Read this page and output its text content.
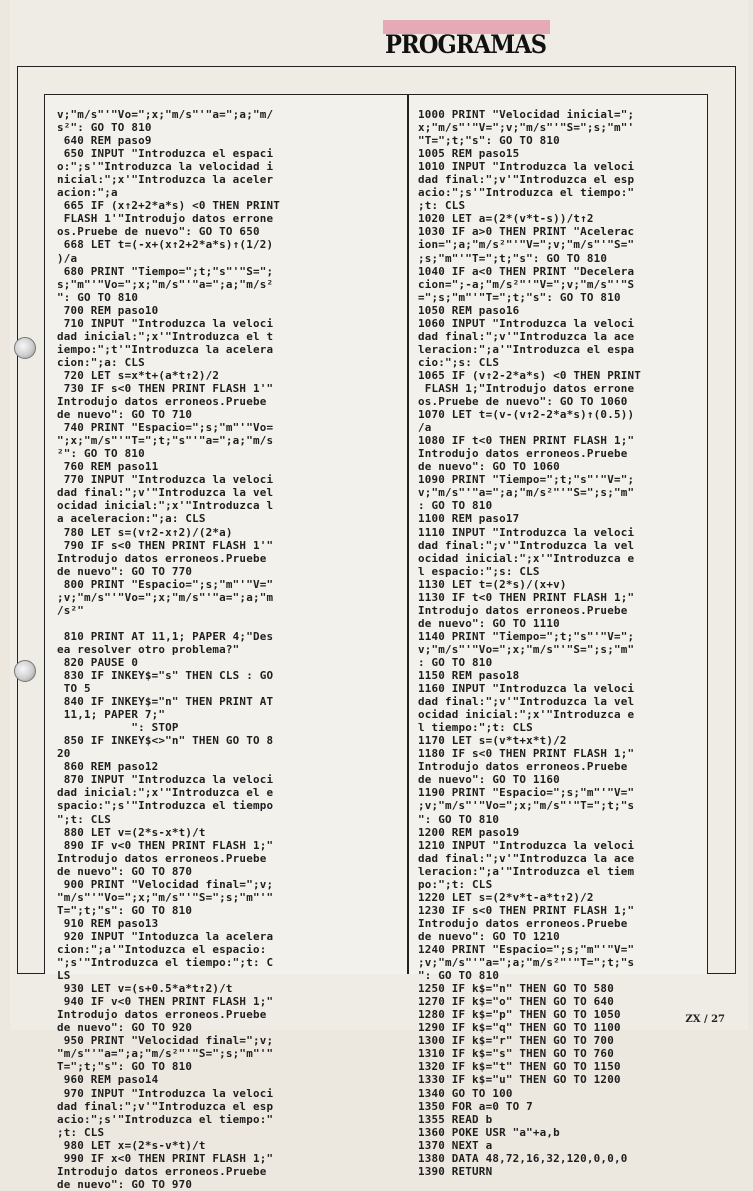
PROGRAMAS
v;"m/s"'"Vo=";x;"m/s"'"a=";a;"m/
s²": GO TO 810
640 REM paso9
650 INPUT "Introduzca el espaci
o:";s'"Introduzca la velocidad i
nicial:";x'"Introduzca la aceler
acion:";a
665 IF (x↑2+2*a*s) <0 THEN PRINT
FLASH 1'"Introdujo datos errone
os.Pruebe de nuevo": GO TO 650
668 LET t=(-x+(x↑2+2*a*s)↑(1/2)
)/a
680 PRINT "Tiempo=";t;"s"'"S=";
s;"m"'"Vo=";x;"m/s"'"a=";a;"m/s²
": GO TO 810
700 REM paso10
710 INPUT "Introduzca la veloci
dad inicial:";x'"Introduzca el t
iempo:";t'"Introduzca la acelera
cion:";a: CLS
720 LET s=x*t+(a*t↑2)/2
730 IF s<0 THEN PRINT FLASH 1'"
Introdujo datos erroneos.Pruebe
de nuevo": GO TO 710
740 PRINT "Espacio=";s;"m"'"Vo=
";x;"m/s"'"T=";t;"s"'"a=";a;"m/s
²": GO TO 810
760 REM paso11
770 INPUT "Introduzca la veloci
dad final:";v'"Introduzca la vel
ocidad inicial:";x'"Introduzca l
a aceleracion:";a: CLS
780 LET s=(v↑2-x↑2)/(2*a)
790 IF s<0 THEN PRINT FLASH 1'"
Introdujo datos erroneos.Pruebe
de nuevo": GO TO 770
800 PRINT "Espacio=";s;"m"'"V="
;v;"m/s"'"Vo=";x;"m/s"'"a=";a;"m
/s²"
810 PRINT AT 11,1; PAPER 4;"Des
ea resolver otro problema?"
820 PAUSE 0
830 IF INKEY$="s" THEN CLS : GO
TO 5
840 IF INKEY$="n" THEN PRINT AT
11,1; PAPER 7;"
": STOP
850 IF INKEY$<>"n" THEN GO TO 8
20
860 REM paso12
870 INPUT "Introduzca la veloci
dad inicial:";x'"Introduzca el e
spacio:";s'"Introduzca el tiempo
";t: CLS
880 LET v=(2*s-x*t)/t
890 IF v<0 THEN PRINT FLASH 1;"
Introdujo datos erroneos.Pruebe
de nuevo": GO TO 870
900 PRINT "Velocidad final=";v;
"m/s"'"Vo=";x;"m/s"'"S=";s;"m"'"
T=";t;"s": GO TO 810
910 REM paso13
920 INPUT "Intoduzca la acelera
cion:";a'"Intoduzca el espacio:
";s'"Introduzca el tiempo:";t: C
LS
930 LET v=(s+0.5*a*t↑2)/t
940 IF v<0 THEN PRINT FLASH 1;"
Introdujo datos erroneos.Pruebe
de nuevo": GO TO 920
950 PRINT "Velocidad final=";v;
"m/s"'"a=";a;"m/s²"'"S=";s;"m"'"
T=";t;"s": GO TO 810
960 REM paso14
970 INPUT "Introduzca la veloci
dad final:";v'"Introduzca el esp
acio:";s'"Introduzca el tiempo:"
;t: CLS
980 LET x=(2*s-v*t)/t
990 IF x<0 THEN PRINT FLASH 1;"
Introdujo datos erroneos.Pruebe
de nuevo": GO TO 970
1000 PRINT "Velocidad inicial=";
x;"m/s"'"V=";v;"m/s"'"S=";s;"m"'
"T=";t;"s": GO TO 810
1005 REM paso15
1010 INPUT "Introduzca la veloci
dad final:";v'"Introduzca el esp
acio:";s'"Introduzca el tiempo:"
;t: CLS
1020 LET a=(2*(v*t-s))/t↑2
1030 IF a>0 THEN PRINT "Acelerac
ion=";a;"m/s²"'"V=";v;"m/s"'"S="
;s;"m"'"T=";t;"s": GO TO 810
1040 IF a<0 THEN PRINT "Decelera
cion=";-a;"m/s²"'"V=";v;"m/s"'"S
=";s;"m"'"T=";t;"s": GO TO 810
1050 REM paso16
1060 INPUT "Introduzca la veloci
dad final:";v'"Introduzca la ace
leracion:";a'"Introduzca el espa
cio:";s: CLS
1065 IF (v↑2-2*a*s) <0 THEN PRINT
FLASH 1;"Introdujo datos errone
os.Pruebe de nuevo": GO TO 1060
1070 LET t=(v-(v↑2-2*a*s)↑(0.5))
/a
1080 IF t<0 THEN PRINT FLASH 1;"
Introdujo datos erroneos.Pruebe
de nuevo": GO TO 1060
1090 PRINT "Tiempo=";t;"s"'"V=";
v;"m/s"'"a=";a;"m/s²"'"S=";s;"m"
: GO TO 810
1100 REM paso17
1110 INPUT "Introduzca la veloci
dad final:";v'"Introduzca la vel
ocidad inicial:";x'"Introduzca e
l espacio:";s: CLS
1130 LET t=(2*s)/(x+v)
1130 IF t<0 THEN PRINT FLASH 1;"
Introdujo datos erroneos.Pruebe
de nuevo": GO TO 1110
1140 PRINT "Tiempo=";t;"s"'"V=";
v;"m/s"'"Vo=";x;"m/s"'"S=";s;"m"
: GO TO 810
1150 REM paso18
1160 INPUT "Introduzca la veloci
dad final:";v'"Introduzca la vel
ocidad inicial:";x'"Introduzca e
l tiempo:";t: CLS
1170 LET s=(v*t+x*t)/2
1180 IF s<0 THEN PRINT FLASH 1;"
Introdujo datos erroneos.Pruebe
de nuevo": GO TO 1160
1190 PRINT "Espacio=";s;"m"'"V="
;v;"m/s"'"Vo=";x;"m/s"'"T=";t;"s
": GO TO 810
1200 REM paso19
1210 INPUT "Introduzca la veloci
dad final:";v'"Introduzca la ace
leracion:";a'"Introduzca el tiem
po:";t: CLS
1220 LET s=(2*v*t-a*t↑2)/2
1230 IF s<0 THEN PRINT FLASH 1;"
Introdujo datos erroneos.Pruebe
de nuevo": GO TO 1210
1240 PRINT "Espacio=";s;"m"'"V="
;v;"m/s"'"a=";a;"m/s²"'"T=";t;"s
": GO TO 810
1250 IF k$="n" THEN GO TO 580
1270 IF k$="o" THEN GO TO 640
1280 IF k$="p" THEN GO TO 1050
1290 IF k$="q" THEN GO TO 1100
1300 IF k$="r" THEN GO TO 700
1310 IF k$="s" THEN GO TO 760
1320 IF k$="t" THEN GO TO 1150
1330 IF k$="u" THEN GO TO 1200
1340 GO TO 100
1350 FOR a=0 TO 7
1355 READ b
1360 POKE USR "a"+a,b
1370 NEXT a
1380 DATA 48,72,16,32,120,0,0,0
1390 RETURN
ZX / 27
